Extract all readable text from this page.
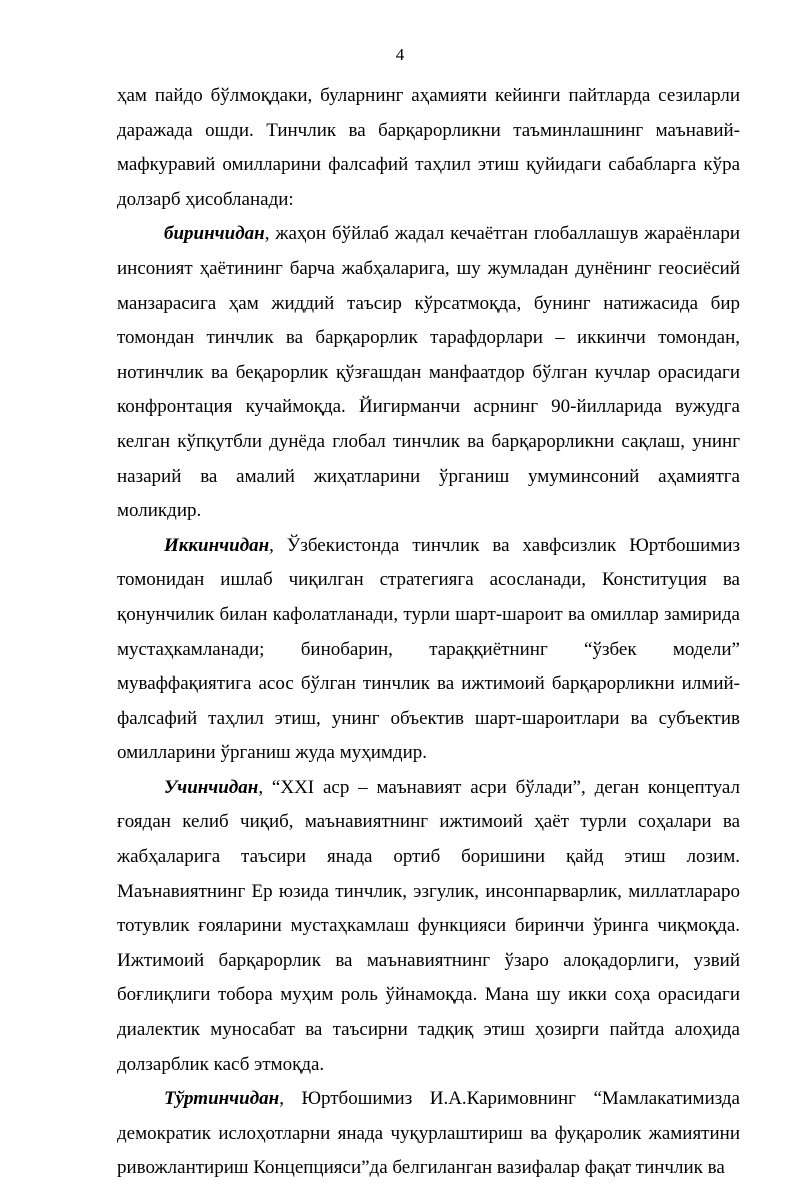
4

ҳам пайдо бўлмоқдаки, буларнинг аҳамияти кейинги пайтларда сезиларли даражада ошди. Тинчлик ва барқарорликни таъминлашнинг маънавий-мафкуравий омилларини фалсафий таҳлил этиш қуйидаги сабабларга кўра долзарб ҳисобланади:

биринчидан, жаҳон бўйлаб жадал кечаётган глобаллашув жараёнлари инсоният ҳаётининг барча жабҳаларига, шу жумладан дунёнинг геосиёсий манзарасига ҳам жиддий таъсир кўрсатмоқда, бунинг натижасида бир томондан тинчлик ва барқарорлик тарафдорлари – иккинчи томондан, нотинчлик ва беқарорлик қўзғашдан манфаатдор бўлган кучлар орасидаги конфронтация кучаймоқда. Йигирманчи асрнинг 90-йилларида вужудга келган кўпқутбли дунёда глобал тинчлик ва барқарорликни сақлаш, унинг назарий ва амалий жиҳатларини ўрганиш умуминсоний аҳамиятга моликдир.

Иккинчидан, Ўзбекистонда тинчлик ва хавфсизлик Юртбошимиз томонидан ишлаб чиқилган стратегияга асосланади, Конституция ва қонунчилик билан кафолатланади, турли шарт-шароит ва омиллар замирида мустаҳкамланади; бинобарин, тараққиётнинг “ўзбек модели” муваффақиятига асос бўлган тинчлик ва ижтимоий барқарорликни илмий-фалсафий таҳлил этиш, унинг объектив шарт-шароитлари ва субъектив омилларини ўрганиш жуда муҳимдир.

Учинчидан, “XXI аср – маънавият асри бўлади”, деган концептуал ғоядан келиб чиқиб, маънавиятнинг ижтимоий ҳаёт турли соҳалари ва жабҳаларига таъсири янада ортиб боришини қайд этиш лозим. Маънавиятнинг Ер юзида тинчлик, эзгулик, инсонпарварлик, миллатлараро тотувлик ғояларини мустаҳкамлаш функцияси биринчи ўринга чиқмоқда. Ижтимоий барқарорлик ва маънавиятнинг ўзаро алоқадорлиги, узвий боғлиқлиги тобора муҳим роль ўйнамоқда. Мана шу икки соҳа орасидаги диалектик муносабат ва таъсирни тадқиқ этиш ҳозирги пайтда алоҳида долзарблик касб этмоқда.

Тўртинчидан, Юртбошимиз И.А.Каримовнинг “Мамлакатимизда демократик ислоҳотларни янада чуқурлаштириш ва фуқаролик жамиятини ривожлантириш Концепцияси”да белгиланган вазифалар фақат тинчлик ва
